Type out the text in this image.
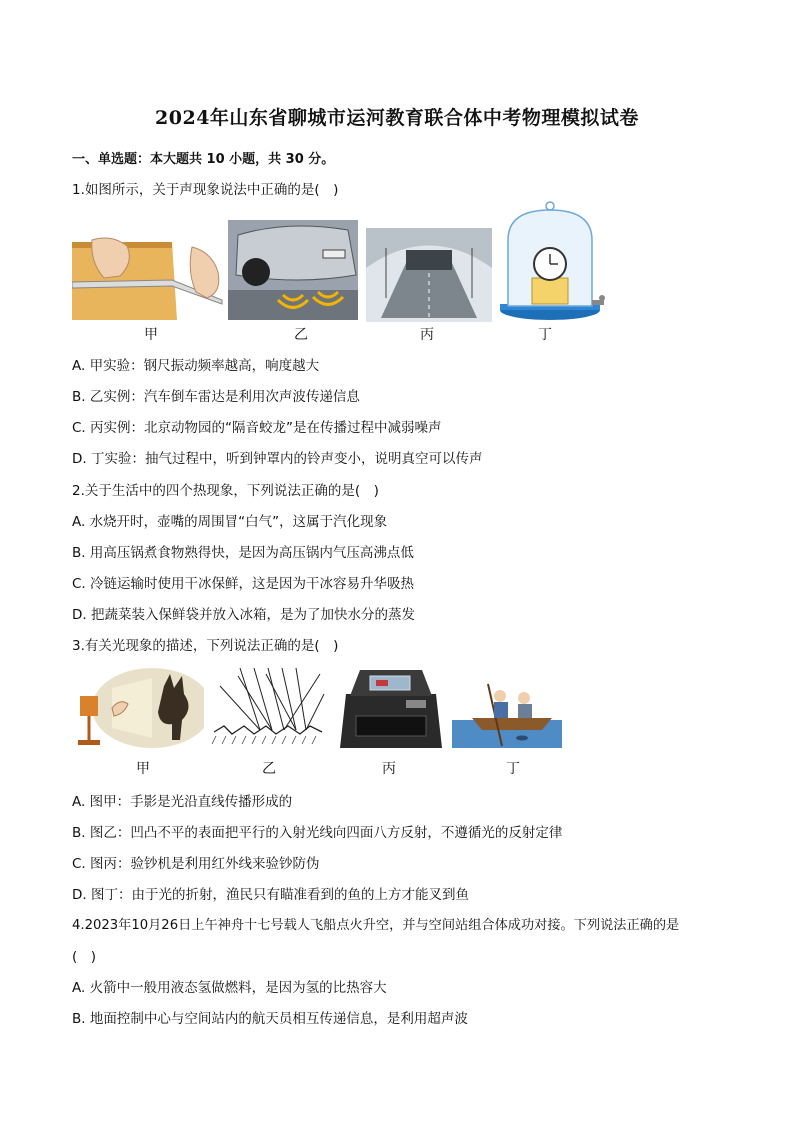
2024年山东省聊城市运河教育联合体中考物理模拟试卷
一、单选题：本大题共 10 小题，共 30 分。
1.如图所示，关于声现象说法中正确的是(　)
甲	乙	丙	丁
A. 甲实验：钢尺振动频率越高，响度越大
B. 乙实例：汽车倒车雷达是利用次声波传递信息
C. 丙实例：北京动物园的“隔音蛟龙”是在传播过程中减弱噪声
D. 丁实验：抽气过程中，听到钟罩内的铃声变小，说明真空可以传声
2.关于生活中的四个热现象，下列说法正确的是(　)
A. 水烧开时，壶嘴的周围冒“白气”，这属于汽化现象
B. 用高压锅煮食物熟得快，是因为高压锅内气压高沸点低
C. 冷链运输时使用干冰保鲜，这是因为干冰容易升华吸热
D. 把蔬菜装入保鲜袋并放入冰箱，是为了加快水分的蒸发
3.有关光现象的描述，下列说法正确的是(　)
甲	乙	丙	丁
A. 图甲：手影是光沿直线传播形成的
B. 图乙：凹凸不平的表面把平行的入射光线向四面八方反射，不遵循光的反射定律
C. 图丙：验钞机是利用红外线来验钞防伪
D. 图丁：由于光的折射，渔民只有瞄准看到的鱼的上方才能叉到鱼
4.2023年10月26日上午神舟十七号载人飞船点火升空，并与空间站组合体成功对接。下列说法正确的是
(　)
A. 火箭中一般用液态氢做燃料，是因为氢的比热容大
B. 地面控制中心与空间站内的航天员相互传递信息，是利用超声波
